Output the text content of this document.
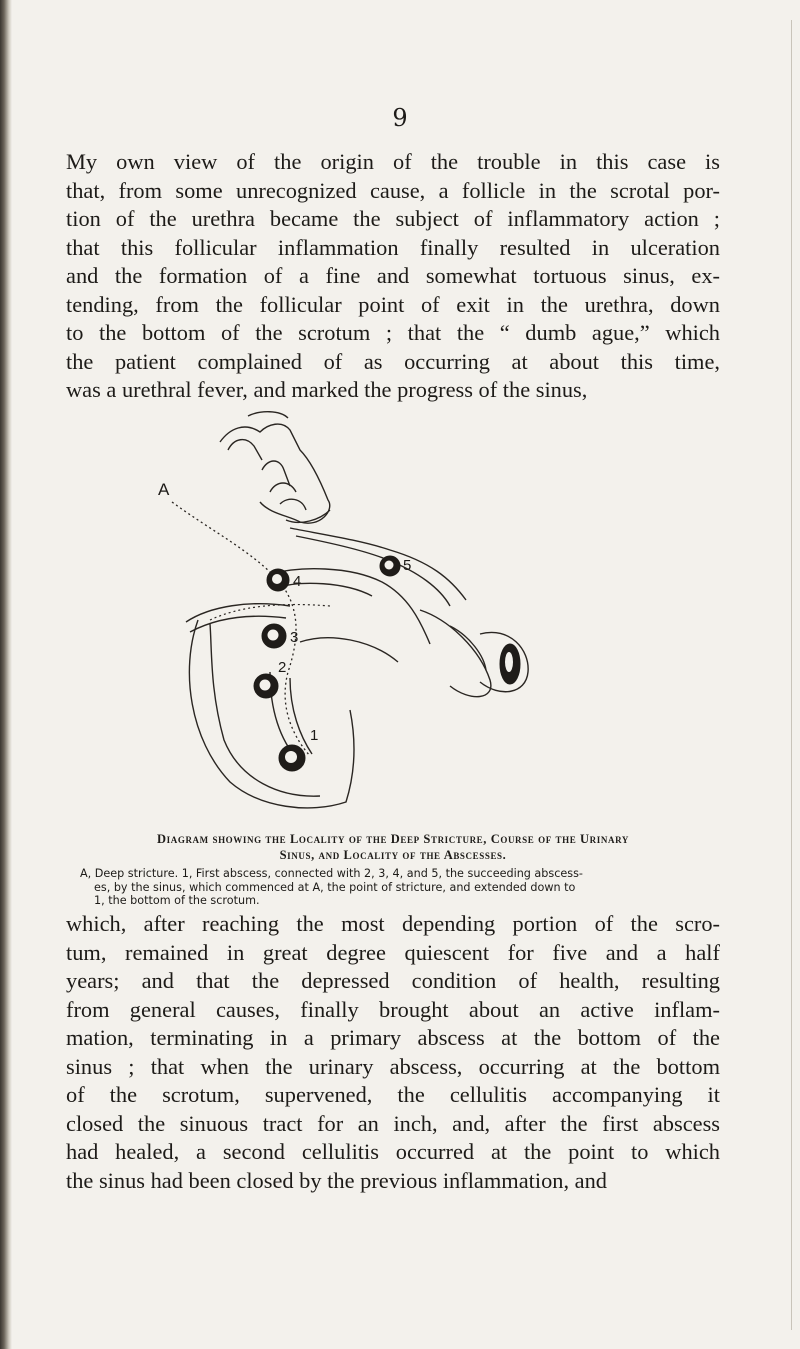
9

My own view of the origin of the trouble in this case is
that, from some unrecognized cause, a follicle in the scrotal por-
tion of the urethra became the subject of inflammatory action ;
that this follicular inflammation finally resulted in ulceration
and the formation of a fine and somewhat tortuous sinus, ex-
tending, from the follicular point of exit in the urethra, down
to the bottom of the scrotum ; that the “ dumb ague,” which
the patient complained of as occurring at about this time,
was a urethral fever, and marked the progress of the sinus,

A
4
5
3
2
1

Diagram showing the Locality of the Deep Stricture, Course of the Urinary
Sinus, and Locality of the Abscesses.

A, Deep stricture. 1, First abscess, connected with 2, 3, 4, and 5, the succeeding abscess-
es, by the sinus, which commenced at A, the point of stricture, and extended down to
1, the bottom of the scrotum.

which, after reaching the most depending portion of the scro-
tum, remained in great degree quiescent for five and a half
years; and that the depressed condition of health, resulting
from general causes, finally brought about an active inflam-
mation, terminating in a primary abscess at the bottom of the
sinus ; that when the urinary abscess, occurring at the bottom
of the scrotum, supervened, the cellulitis accompanying it
closed the sinuous tract for an inch, and, after the first abscess
had healed, a second cellulitis occurred at the point to which
the sinus had been closed by the previous inflammation, and
